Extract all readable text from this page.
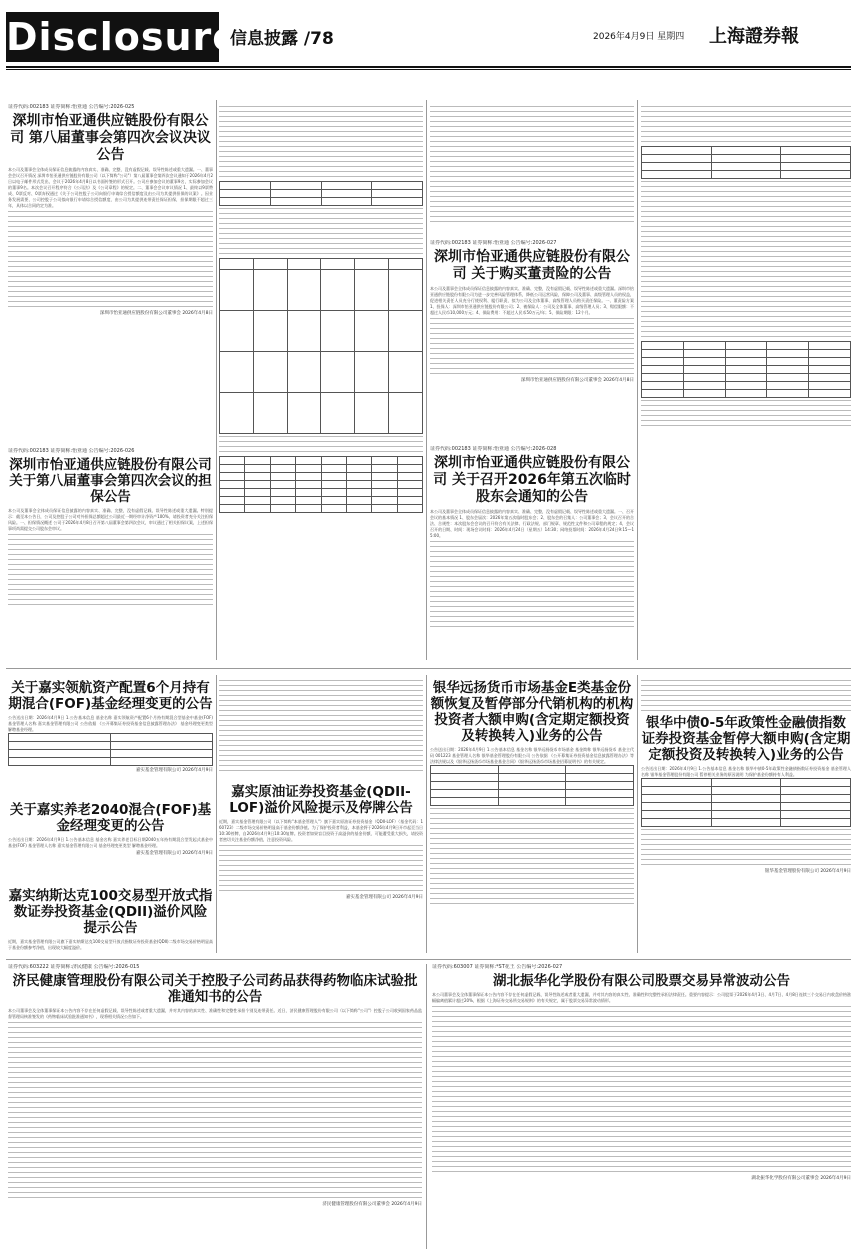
Disclosure
信息披露 /78	2026年4月9日 星期四 上海證券報
证券代码:002183 证券简称:怡亚通 公告编号:2026-025
深圳市怡亚通供应链股份有限公司 第八届董事会第四次会议决议公告
本公司及董事会全体成员保证信息披露的内容真实、准确、完整，没有虚假记载、误导性陈述或重大遗漏。一、董事会会议召开情况 深圳市怡亚通供应链股份有限公司（以下简称"公司"）第八届董事会第四次会议通知于2026年4月2日以电子邮件形式发出，会议于2026年4月8日以书面传签的形式召开。公司应参加会议的董事9名，实际参加会议的董事9名。本次会议召开程序符合《公司法》及《公司章程》的规定。二、董事会会议审议情况 1、最终以9票赞成、0票反对、0票弃权通过《关于公司控股子公司向银行申请综合授信额度及由公司为其提供担保的议案》。因业务发展需要，公司控股子公司拟向银行申请综合授信额度，由公司为其提供连带责任保证担保，担保期限不超过三年，具体以合同约定为准。
深圳市怡亚通供应链股份有限公司董事会 2026年4月8日

证券代码:002183 证券简称:怡亚通 公告编号:2026-026
深圳市怡亚通供应链股份有限公司 关于第八届董事会第四次会议的担保公告
本公司及董事会全体成员保证信息披露的内容真实、准确、完整，没有虚假记载、误导性陈述或重大遗漏。特别提示：截至本公告日，公司及控股子公司对外担保总额超过公司最近一期经审计净资产100%，请投资者充分关注担保风险。一、担保情况概述 公司于2026年4月8日召开第八届董事会第四次会议，审议通过了相关担保议案，上述担保事项尚需提交公司股东会审议。
证券代码:002183 证券简称:怡亚通 公告编号:2026-027
深圳市怡亚通供应链股份有限公司 关于购买董责险的公告
本公司及董事会全体成员保证信息披露的内容真实、准确、完整，没有虚假记载、误导性陈述或重大遗漏。深圳市怡亚通供应链股份有限公司为进一步完善风险管理体系，降低公司运营风险，保障公司及董事、高级管理人员的权益，促进相关责任人员充分行使权利、履行职责，拟为公司及全体董事、高级管理人员购买责任保险。一、董责险方案 1、投保人：深圳市怡亚通供应链股份有限公司；2、被保险人：公司及全体董事、高级管理人员；3、赔偿限额：不超过人民币10,000万元；4、保险费用：不超过人民币50万元/年；5、保险期限：12个月。
深圳市怡亚通供应链股份有限公司董事会 2026年4月8日
证券代码:002183 证券简称:怡亚通 公告编号:2026-028
深圳市怡亚通供应链股份有限公司 关于召开2026年第五次临时股东会通知的公告
本公司及董事会全体成员保证信息披露的内容真实、准确、完整，没有虚假记载、误导性陈述或重大遗漏。一、召开会议的基本情况 1、股东会届次：2026年第五次临时股东会；2、股东会的召集人：公司董事会；3、会议召开的合法、合规性：本次股东会会议的召开符合有关法律、行政法规、部门规章、规范性文件和公司章程的规定；4、会议召开的日期、时间：现场会议时间：2026年4月24日（星期五）14:30；网络投票时间：2026年4月24日9:15—15:00。

关于嘉实领航资产配置6个月持有期混合(FOF)基金经理变更的公告
公告送出日期：2026年4月9日 1.公告基本信息 基金名称 嘉实领航资产配置6个月持有期混合型基金中基金(FOF) 基金管理人名称 嘉实基金管理有限公司 公告依据 《公开募集证券投资基金信息披露管理办法》 基金经理变更类型 解聘基金经理。

嘉实基金管理有限公司 2026年4月9日
关于嘉实养老2040混合(FOF)基金经理变更的公告
公告送出日期：2026年4月9日 1.公告基本信息 基金名称 嘉实养老目标日期2040五年持有期混合型发起式基金中基金(FOF) 基金管理人名称 嘉实基金管理有限公司 基金经理变更类型 解聘基金经理。
嘉实基金管理有限公司 2026年4月9日
嘉实纳斯达克100交易型开放式指数证券投资基金(QDII)溢价风险提示公告
近期，嘉实基金管理有限公司旗下嘉实纳斯达克100交易型开放式指数证券投资基金(QDII)二级市场交易价格明显高于基金份额参考净值，出现较大幅度溢价。
嘉实原油证券投资基金(QDII-LOF)溢价风险提示及停牌公告
近期，嘉实基金管理有限公司（以下简称"本基金管理人"）旗下嘉实原油证券投资基金（QDII-LOF）（基金代码：160723）二级市场交易价格明显高于基金份额净值。为了保护投资者利益，本基金将于2026年4月9日开市起至当日10:30停牌，自2026年4月9日10:30复牌。投资者如果盲目投资于高溢价的基金份额，可能遭受重大损失，请投资者密切关注基金份额净值，注意投资风险。
嘉实基金管理有限公司 2026年4月9日
银华远扬货币市场基金E类基金份额恢复及暂停部分代销机构的机构投资者大额申购(含定期定额投资及转换转入)业务的公告
公告送出日期：2026年4月9日 1.公告基本信息 基金名称 银华远扬货币市场基金 基金简称 银华远扬货币 基金主代码 001223 基金管理人名称 银华基金管理股份有限公司 公告依据 《公开募集证券投资基金信息披露管理办法》等法律法规以及《银华远扬货币市场基金基金合同》《银华远扬货币市场基金招募说明书》的有关规定。

银华中债0-5年政策性金融债指数证券投资基金暂停大额申购(含定期定额投资及转换转入)业务的公告
公告送出日期：2026年4月9日 1.公告基本信息 基金名称 银华中债0-5年政策性金融债指数证券投资基金 基金管理人名称 银华基金管理股份有限公司 暂停相关业务的原因说明 为保护基金份额持有人利益。

银华基金管理股份有限公司 2026年4月9日
证券代码:603222 证券简称:济民健康 公告编号:2026-015
济民健康管理股份有限公司关于控股子公司药品获得药物临床试验批准通知书的公告
本公司董事会及全体董事保证本公告内容不存在任何虚假记载、误导性陈述或者重大遗漏，并对其内容的真实性、准确性和完整性承担个别及连带责任。近日，济民健康管理股份有限公司（以下简称"公司"）控股子公司收到国家药品监督管理局核准签发的《药物临床试验批准通知书》，现将相关情况公告如下。
济民健康管理股份有限公司董事会 2026年4月9日
证券代码:603007 证券简称:*ST花王 公告编号:2026-027
湖北振华化学股份有限公司股票交易异常波动公告
本公司董事会及全体董事保证本公告内容不存在任何虚假记载、误导性陈述或者重大遗漏，并对其内容的真实性、准确性和完整性承担法律责任。重要内容提示：公司股票于2026年4月3日、4月7日、4月8日连续三个交易日内收盘价格涨幅偏离值累计超过20%，根据《上海证券交易所交易规则》的有关规定，属于股票交易异常波动情形。
湖北振华化学股份有限公司董事会 2026年4月9日
